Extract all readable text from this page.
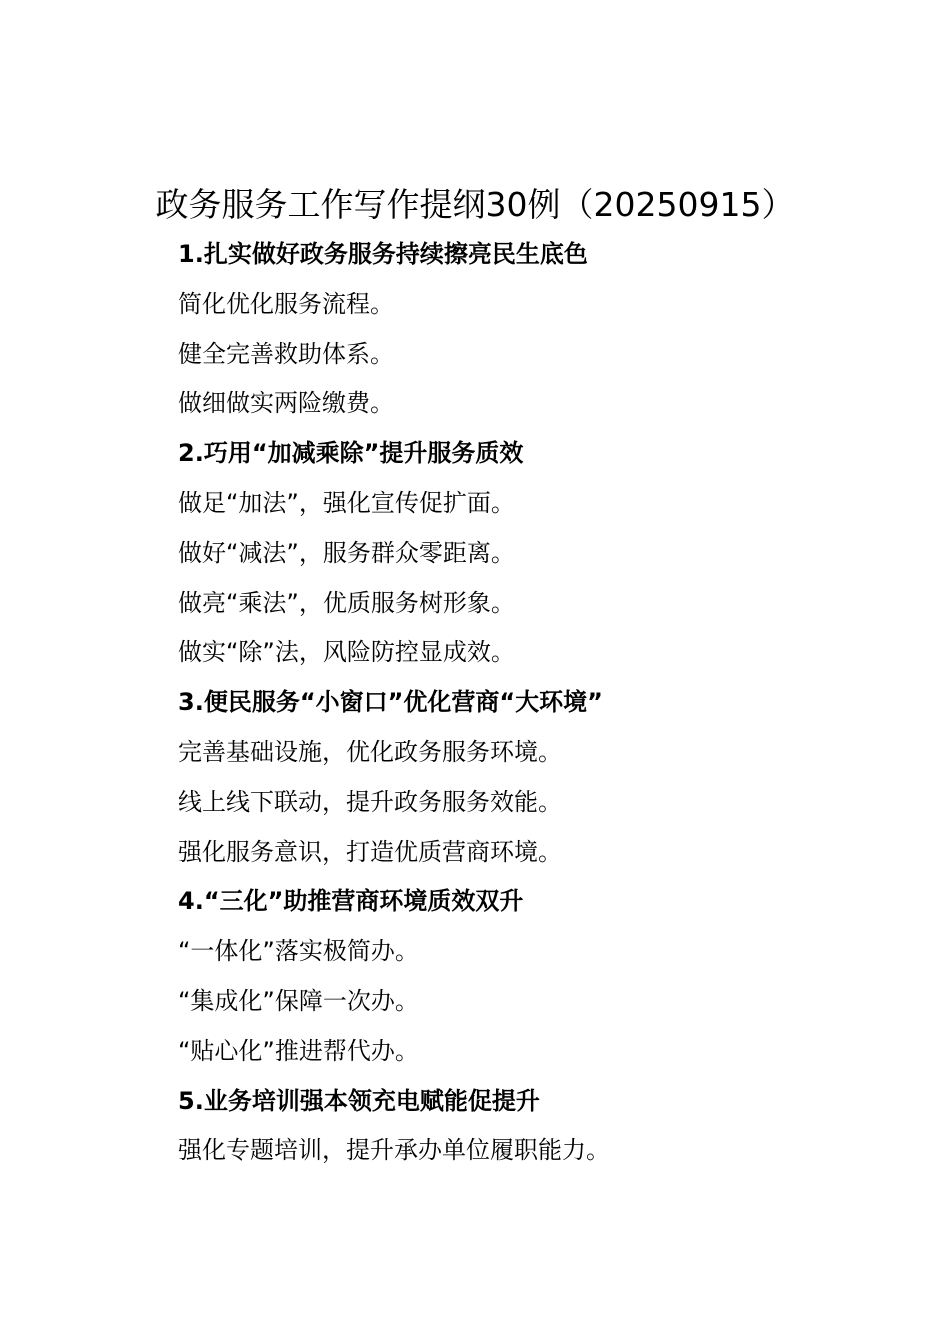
政务服务工作写作提纲30例（20250915）
1.扎实做好政务服务持续擦亮民生底色
简化优化服务流程。
健全完善救助体系。
做细做实两险缴费。
2.巧用“加减乘除”提升服务质效
做足“加法”，强化宣传促扩面。
做好“减法”，服务群众零距离。
做亮“乘法”，优质服务树形象。
做实“除”法，风险防控显成效。
3.便民服务“小窗口”优化营商“大环境”
完善基础设施，优化政务服务环境。
线上线下联动，提升政务服务效能。
强化服务意识，打造优质营商环境。
4.“三化”助推营商环境质效双升
“一体化”落实极简办。
“集成化”保障一次办。
“贴心化”推进帮代办。
5.业务培训强本领充电赋能促提升
强化专题培训，提升承办单位履职能力。
